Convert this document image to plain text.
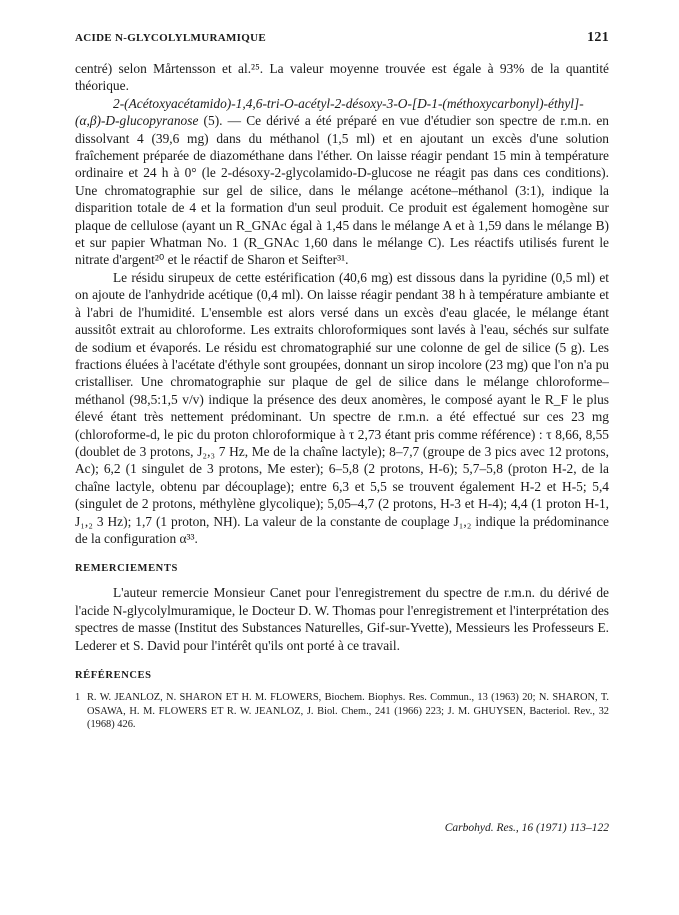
ACIDE N-GLYCOLYLMURAMIQUE	121

centré) selon Mårtensson et al.²⁵. La valeur moyenne trouvée est égale à 93% de la quantité théorique.

2-(Acétoxyacétamido)-1,4,6-tri-O-acétyl-2-désoxy-3-O-[D-1-(méthoxycarbonyl)-éthyl]-(α,β)-D-glucopyranose (5). — Ce dérivé a été préparé en vue d'étudier son spectre de r.m.n. en dissolvant 4 (39,6 mg) dans du méthanol (1,5 ml) et en ajoutant un excès d'une solution fraîchement préparée de diazométhane dans l'éther. On laisse réagir pendant 15 min à température ordinaire et 24 h à 0° (le 2-désoxy-2-glycolamido-D-glucose ne réagit pas dans ces conditions). Une chromatographie sur gel de silice, dans le mélange acétone–méthanol (3:1), indique la disparition totale de 4 et la formation d'un seul produit. Ce produit est également homogène sur plaque de cellulose (ayant un R_GNAc égal à 1,45 dans le mélange A et à 1,59 dans le mélange B) et sur papier Whatman No. 1 (R_GNAc 1,60 dans le mélange C). Les réactifs utilisés furent le nitrate d'argent²⁰ et le réactif de Sharon et Seifter³¹.

Le résidu sirupeux de cette estérification (40,6 mg) est dissous dans la pyridine (0,5 ml) et on ajoute de l'anhydride acétique (0,4 ml). On laisse réagir pendant 38 h à température ambiante et à l'abri de l'humidité. L'ensemble est alors versé dans un excès d'eau glacée, le mélange étant aussitôt extrait au chloroforme. Les extraits chloroformiques sont lavés à l'eau, séchés sur sulfate de sodium et évaporés. Le résidu est chromatographié sur une colonne de gel de silice (5 g). Les fractions éluées à l'acétate d'éthyle sont groupées, donnant un sirop incolore (23 mg) que l'on n'a pu cristalliser. Une chromatographie sur plaque de gel de silice dans le mélange chloroforme–méthanol (98,5:1,5 v/v) indique la présence des deux anomères, le composé ayant le R_F le plus élevé étant très nettement prédominant. Un spectre de r.m.n. a été effectué sur ces 23 mg (chloroforme-d, le pic du proton chloroformique à τ 2,73 étant pris comme référence) : τ 8,66, 8,55 (doublet de 3 protons, J₂,₃ 7 Hz, Me de la chaîne lactyle); 8–7,7 (groupe de 3 pics avec 12 protons, Ac); 6,2 (1 singulet de 3 protons, Me ester); 6–5,8 (2 protons, H-6); 5,7–5,8 (proton H-2, de la chaîne lactyle, obtenu par découplage); entre 6,3 et 5,5 se trouvent également H-2 et H-5; 5,4 (singulet de 2 protons, méthylène glycolique); 5,05–4,7 (2 protons, H-3 et H-4); 4,4 (1 proton H-1, J₁,₂ 3 Hz); 1,7 (1 proton, NH). La valeur de la constante de couplage J₁,₂ indique la prédominance de la configuration α³³.

REMERCIEMENTS

L'auteur remercie Monsieur Canet pour l'enregistrement du spectre de r.m.n. du dérivé de l'acide N-glycolylmuramique, le Docteur D. W. Thomas pour l'enregistrement et l'interprétation des spectres de masse (Institut des Substances Naturelles, Gif-sur-Yvette), Messieurs les Professeurs E. Lederer et S. David pour l'intérêt qu'ils ont porté à ce travail.

RÉFÉRENCES
1 R. W. JEANLOZ, N. SHARON ET H. M. FLOWERS, Biochem. Biophys. Res. Commun., 13 (1963) 20; N. SHARON, T. OSAWA, H. M. FLOWERS ET R. W. JEANLOZ, J. Biol. Chem., 241 (1966) 223; J. M. GHUYSEN, Bacteriol. Rev., 32 (1968) 426.
Carbohyd. Res., 16 (1971) 113–122
